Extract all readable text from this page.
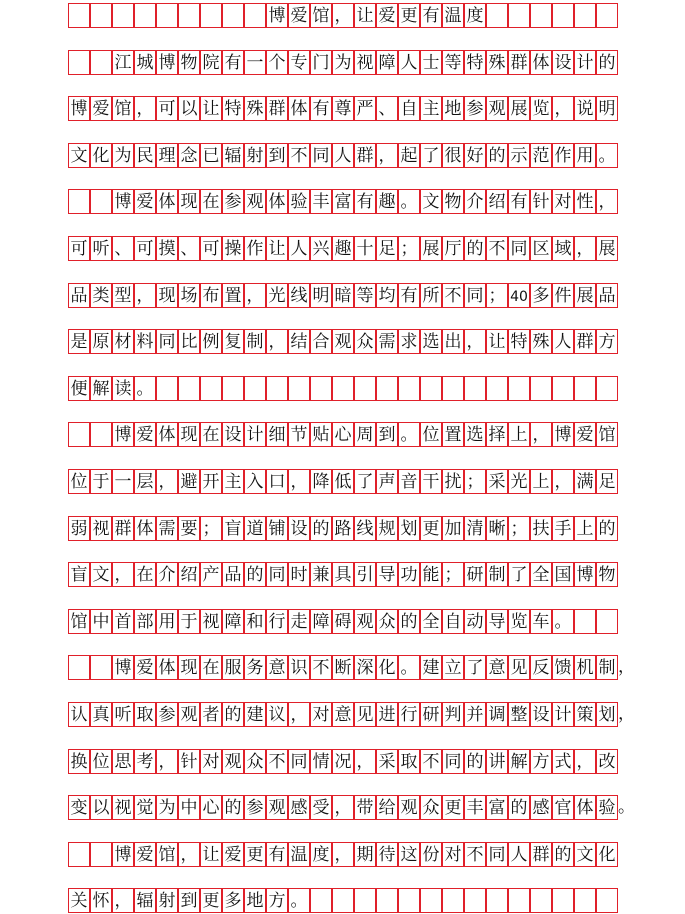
博 爱 馆 ， 让 爱 更 有 温 度
江 城 博 物 院 有 一 个 专 门 为 视 障 人 士 等 特 殊 群 体 设 计 的
博 爱 馆 ， 可 以 让 特 殊 群 体 有 尊 严 、 自 主 地 参 观 展 览 ， 说 明
文 化 为 民 理 念 已 辐 射 到 不 同 人 群 ， 起 了 很 好 的 示 范 作 用 。
博 爱 体 现 在 参 观 体 验 丰 富 有 趣 。 文 物 介 绍 有 针 对 性 ，
可 听 、 可 摸 、 可 操 作 让 人 兴 趣 十 足 ； 展 厅 的 不 同 区 域 ， 展
品 类 型 ， 现 场 布 置 ， 光 线 明 暗 等 均 有 所 不 同 ； 40 多 件 展 品
是 原 材 料 同 比 例 复 制 ， 结 合 观 众 需 求 选 出 ， 让 特 殊 人 群 方
便 解 读 。
博 爱 体 现 在 设 计 细 节 贴 心 周 到 。 位 置 选 择 上 ， 博 爱 馆
位 于 一 层 ， 避 开 主 入 口 ， 降 低 了 声 音 干 扰 ； 采 光 上 ， 满 足
弱 视 群 体 需 要 ； 盲 道 铺 设 的 路 线 规 划 更 加 清 晰 ； 扶 手 上 的
盲 文 ， 在 介 绍 产 品 的 同 时 兼 具 引 导 功 能 ； 研 制 了 全 国 博 物
馆 中 首 部 用 于 视 障 和 行 走 障 碍 观 众 的 全 自 动 导 览 车 。
博 爱 体 现 在 服 务 意 识 不 断 深 化 。 建 立 了 意 见 反 馈 机 制 ，
认 真 听 取 参 观 者 的 建 议 ， 对 意 见 进 行 研 判 并 调 整 设 计 策 划 ，
换 位 思 考 ， 针 对 观 众 不 同 情 况 ， 采 取 不 同 的 讲 解 方 式 ， 改
变 以 视 觉 为 中 心 的 参 观 感 受 ， 带 给 观 众 更 丰 富 的 感 官 体 验 。
博 爱 馆 ， 让 爱 更 有 温 度 ， 期 待 这 份 对 不 同 人 群 的 文 化
关 怀 ， 辐 射 到 更 多 地 方 。
